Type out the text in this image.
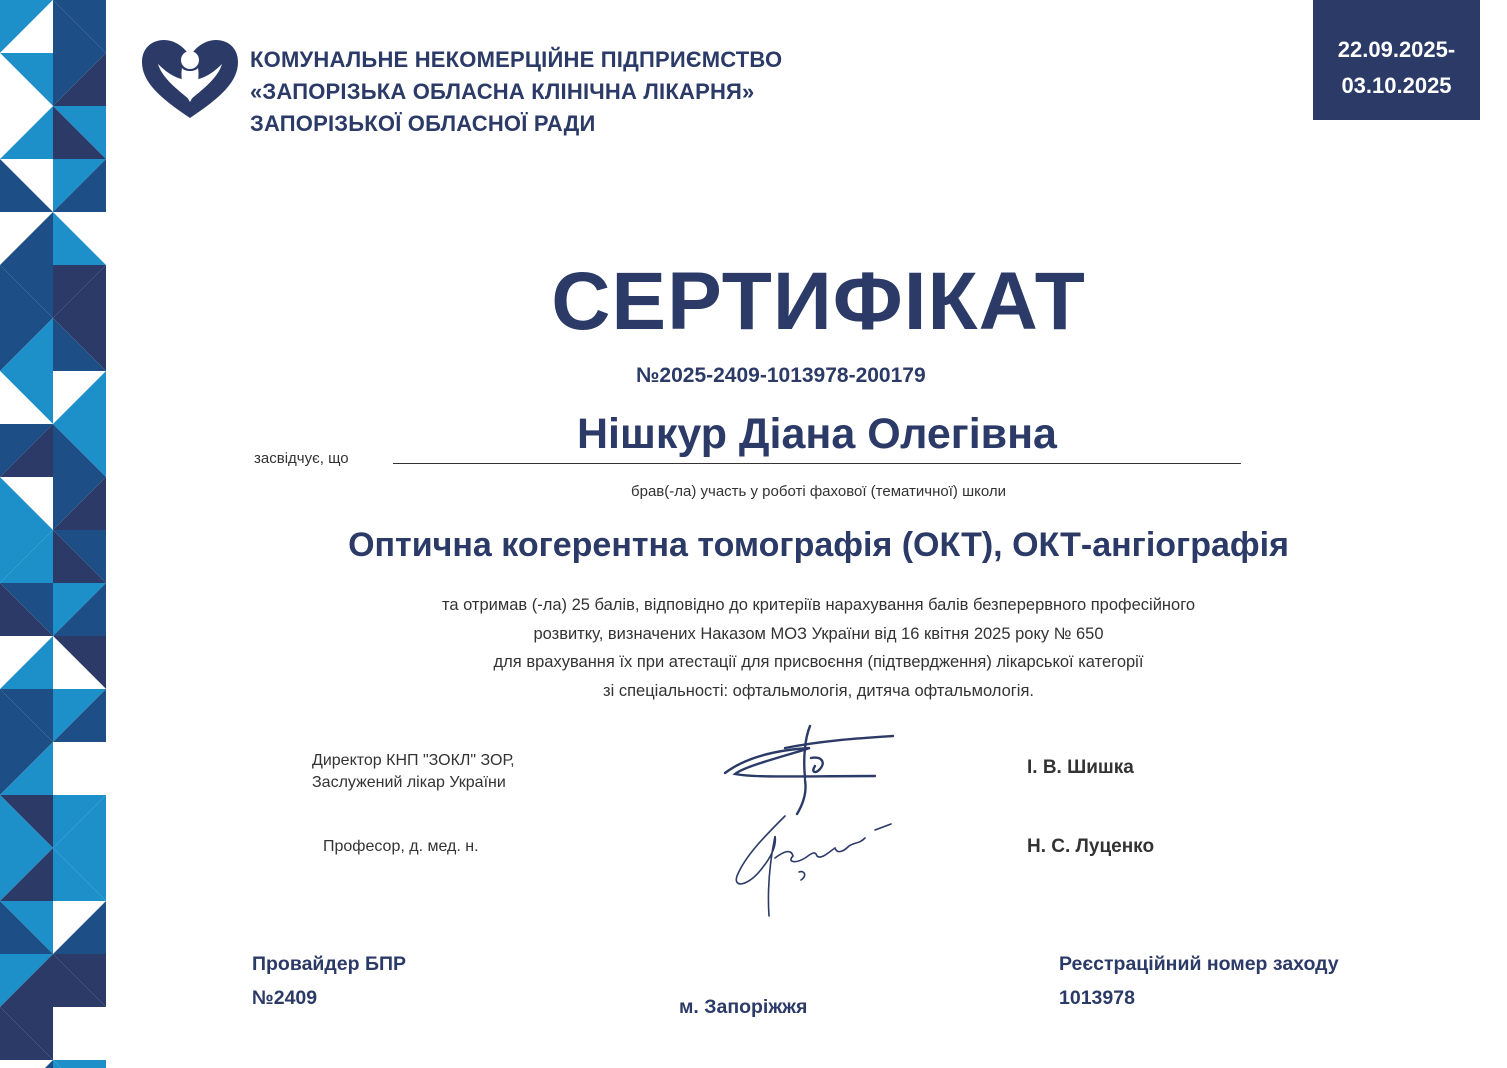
КОМУНАЛЬНЕ НЕКОМЕРЦІЙНЕ ПІДПРИЄМСТВО
«ЗАПОРІЗЬКА ОБЛАСНА КЛІНІЧНА ЛІКАРНЯ»
ЗАПОРІЗЬКОЇ ОБЛАСНОЇ РАДИ
22.09.2025-
03.10.2025
СЕРТИФІКАТ
№2025-2409-1013978-200179
засвідчує, що
Нішкур Діана Олегівна
брав(-ла) участь у роботі фахової (тематичної) школи
Оптична когерентна томографія (ОКТ), ОКТ-ангіографія
та отримав (-ла) 25 балів, відповідно до критеріїв нарахування балів безперервного професійного
розвитку, визначених Наказом МОЗ України від 16 квітня 2025 року № 650
для врахування їх при атестації для присвоєння (підтвердження) лікарської категорії
зі спеціальності: офтальмологія, дитяча офтальмологія.
Директор КНП "ЗОКЛ" ЗОР,
Заслужений лікар України
І. В. Шишка
Професор, д. мед. н.	Н. С. Луценко
Провайдер БПР
№2409	м. Запоріжжя
Реєстраційний номер заходу
1013978
